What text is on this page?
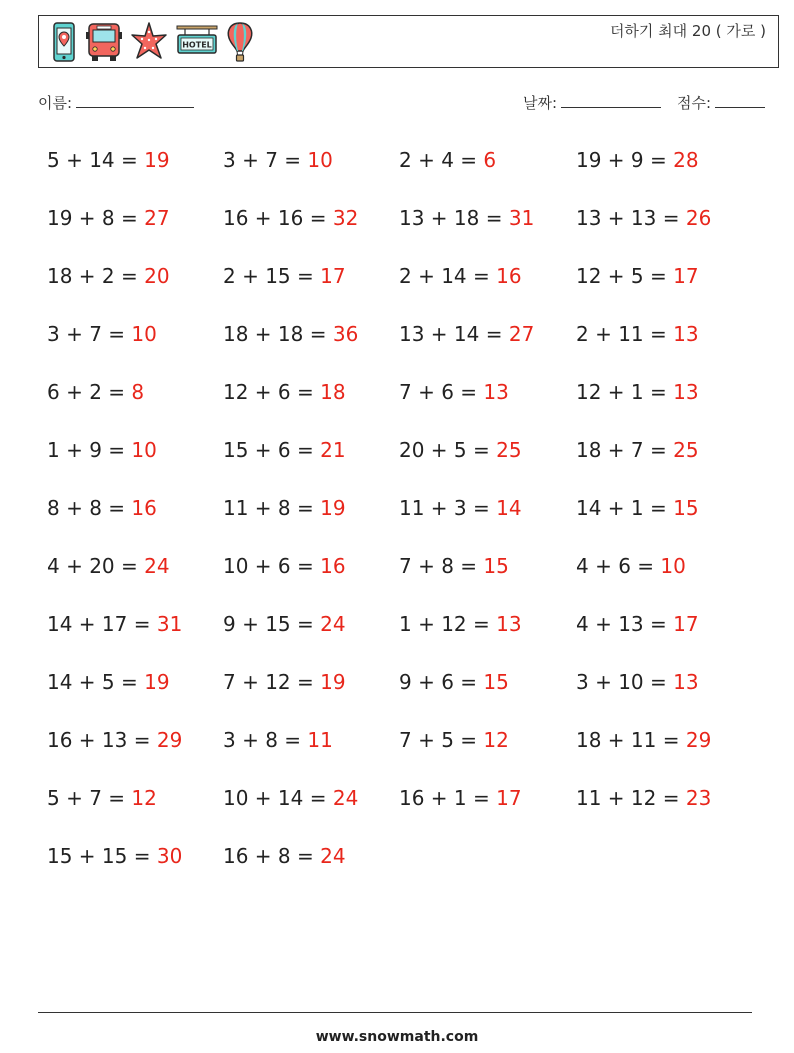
HOTEL
더하기 최대 20 ( 가로 )
이름:	날짜:	점수:
5 + 14 = 19	3 + 7 = 10	2 + 4 = 6	19 + 9 = 28
19 + 8 = 27	16 + 16 = 32 13 + 18 = 31 13 + 13 = 26
18 + 2 = 20	2 + 15 = 17	2 + 14 = 16	12 + 5 = 17
3 + 7 = 10	18 + 18 = 36 13 + 14 = 27 2 + 11 = 13
6 + 2 = 8	12 + 6 = 18	7 + 6 = 13	12 + 1 = 13
1 + 9 = 10	15 + 6 = 21	20 + 5 = 25	18 + 7 = 25
8 + 8 = 16	11 + 8 = 19	11 + 3 = 14	14 + 1 = 15
4 + 20 = 24	10 + 6 = 16	7 + 8 = 15	4 + 6 = 10
14 + 17 = 31 9 + 15 = 24	1 + 12 = 13	4 + 13 = 17
14 + 5 = 19	7 + 12 = 19	9 + 6 = 15	3 + 10 = 13
16 + 13 = 29 3 + 8 = 11	7 + 5 = 12	18 + 11 = 29
5 + 7 = 12	10 + 14 = 24 16 + 1 = 17	11 + 12 = 23
15 + 15 = 30 16 + 8 = 24
www.snowmath.com
